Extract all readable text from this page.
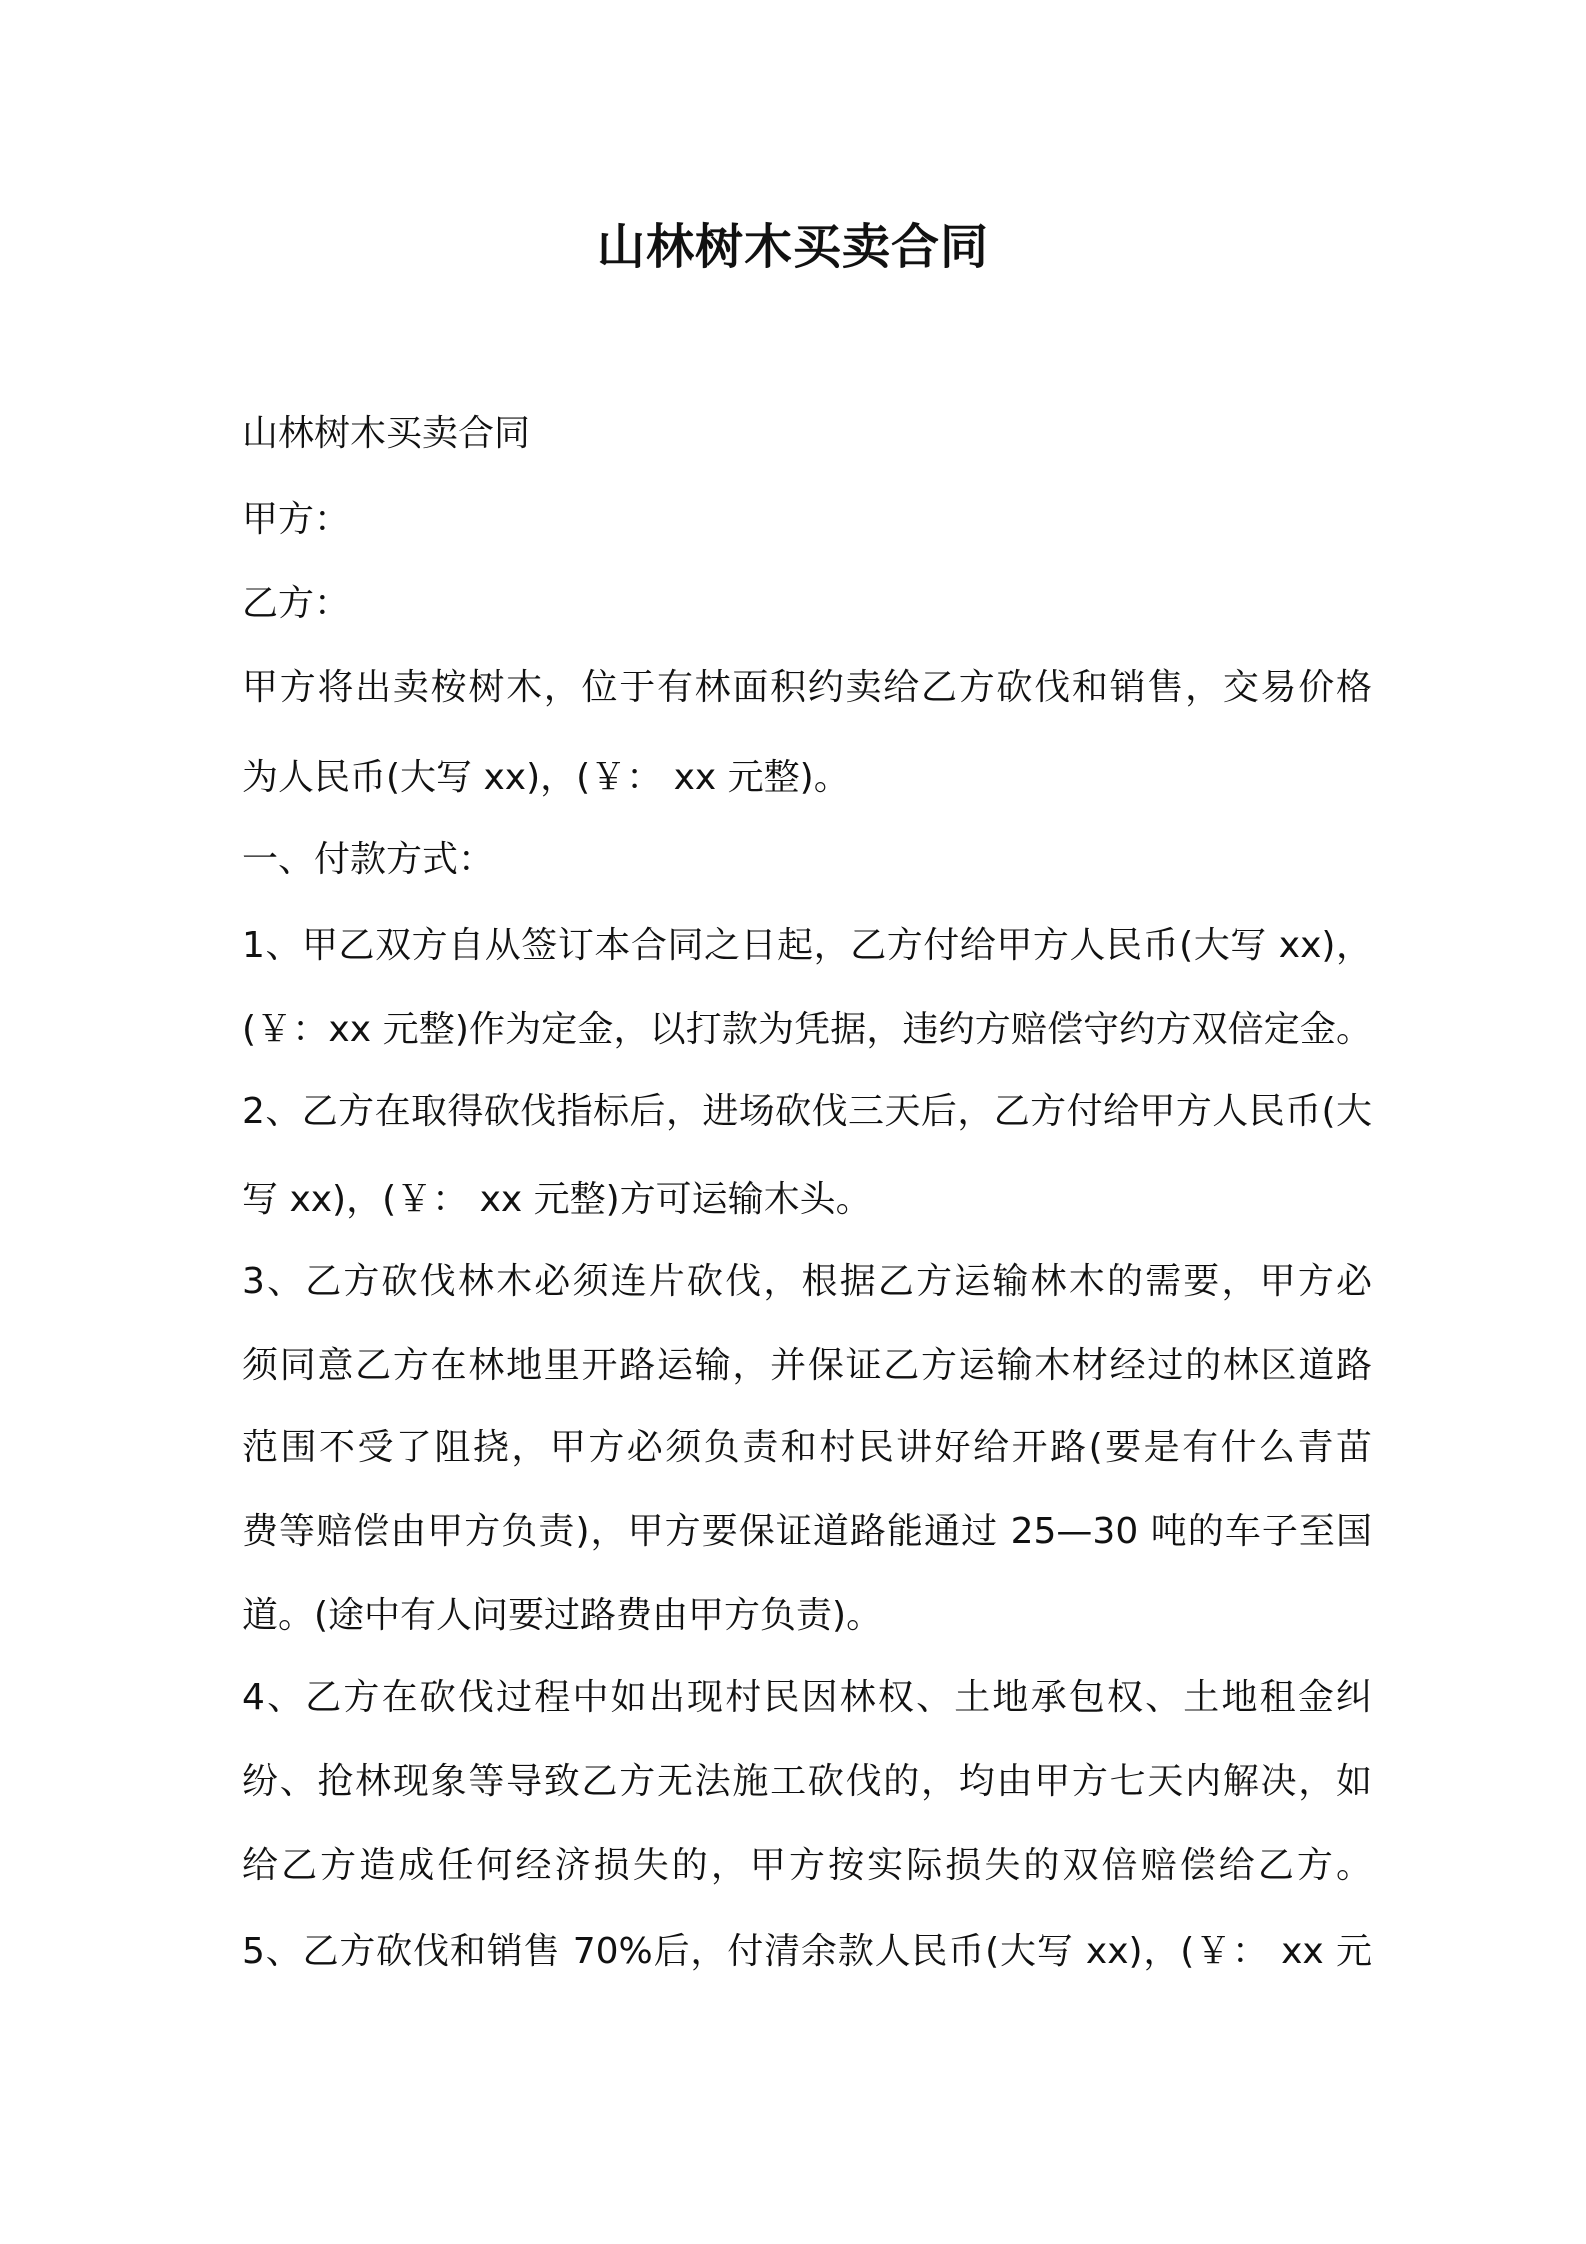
山林树木买卖合同

山林树木买卖合同

甲方：

乙方：

甲方将出卖桉树木，位于有林面积约卖给乙方砍伐和销售，交易价格

为人民币(大写 xx)，(￥： xx 元整)。

一、付款方式：

1、甲乙双方自从签订本合同之日起，乙方付给甲方人民币(大写 xx)，

(￥：xx 元整)作为定金，以打款为凭据，违约方赔偿守约方双倍定金。

2、乙方在取得砍伐指标后，进场砍伐三天后，乙方付给甲方人民币(大

写 xx)，(￥： xx 元整)方可运输木头。

3、乙方砍伐林木必须连片砍伐，根据乙方运输林木的需要，甲方必

须同意乙方在林地里开路运输，并保证乙方运输木材经过的林区道路

范围不受了阻挠，甲方必须负责和村民讲好给开路(要是有什么青苗

费等赔偿由甲方负责)，甲方要保证道路能通过 25—30 吨的车子至国

道。(途中有人问要过路费由甲方负责)。

4、乙方在砍伐过程中如出现村民因林权、土地承包权、土地租金纠

纷、抢林现象等导致乙方无法施工砍伐的，均由甲方七天内解决，如

给乙方造成任何经济损失的，甲方按实际损失的双倍赔偿给乙方。

5、乙方砍伐和销售 70%后，付清余款人民币(大写 xx)，(￥： xx 元
